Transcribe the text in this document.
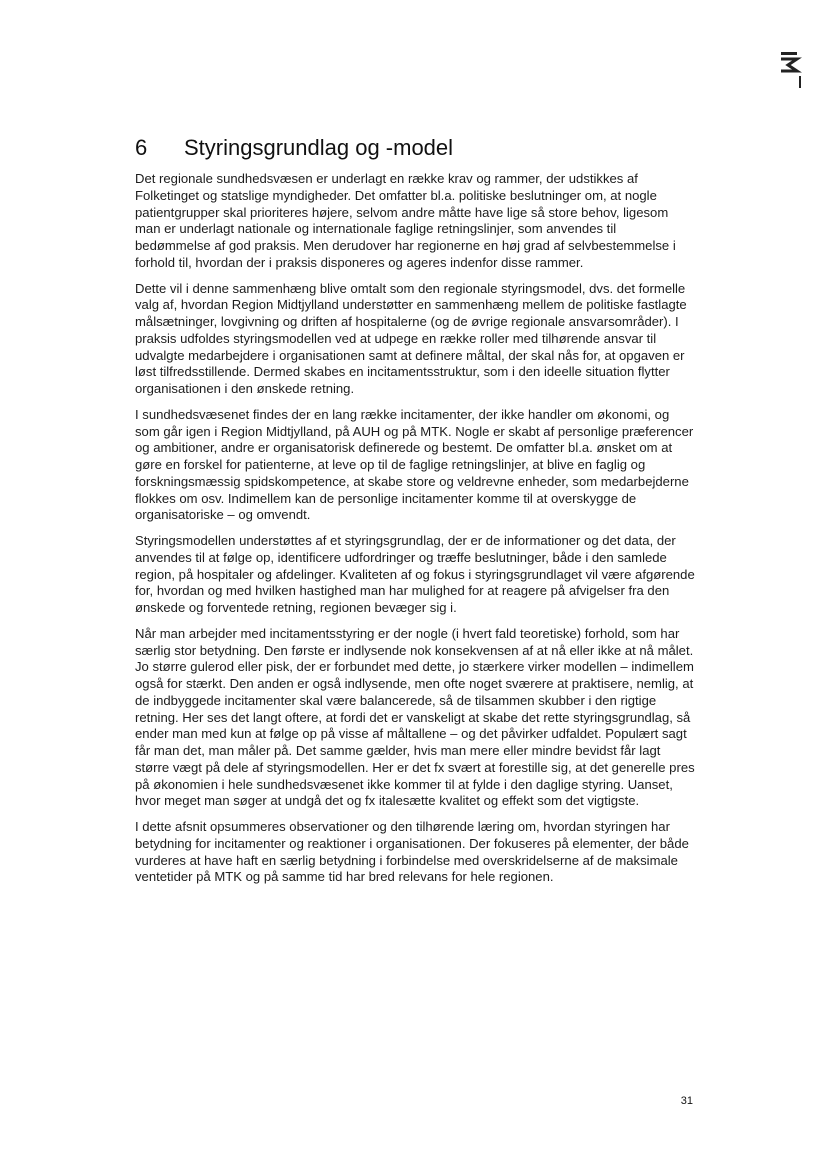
6	Styringsgrundlag og -model

Det regionale sundhedsvæsen er underlagt en række krav og rammer, der udstikkes af Folketinget og statslige myndigheder. Det omfatter bl.a. politiske beslutninger om, at nogle patientgrupper skal prioriteres højere, selvom andre måtte have lige så store behov, ligesom man er underlagt nationale og internationale faglige retningslinjer, som anvendes til bedømmelse af god praksis. Men derudover har regionerne en høj grad af selvbestemmelse i forhold til, hvordan der i praksis disponeres og ageres indenfor disse rammer.

Dette vil i denne sammenhæng blive omtalt som den regionale styringsmodel, dvs. det formelle valg af, hvordan Region Midtjylland understøtter en sammenhæng mellem de politiske fastlagte målsætninger, lovgivning og driften af hospitalerne (og de øvrige regionale ansvarsområder). I praksis udfoldes styringsmodellen ved at udpege en række roller med tilhørende ansvar til udvalgte medarbejdere i organisationen samt at definere måltal, der skal nås for, at opgaven er løst tilfredsstillende. Dermed skabes en incitamentsstruktur, som i den ideelle situation flytter organisationen i den ønskede retning.

I sundhedsvæsenet findes der en lang række incitamenter, der ikke handler om økonomi, og som går igen i Region Midtjylland, på AUH og på MTK. Nogle er skabt af personlige præferencer og ambitioner, andre er organisatorisk definerede og bestemt. De omfatter bl.a. ønsket om at gøre en forskel for patienterne, at leve op til de faglige retningslinjer, at blive en faglig og forskningsmæssig spidskompetence, at skabe store og veldrevne enheder, som medarbejderne flokkes om osv. Indimellem kan de personlige incitamenter komme til at overskygge de organisatoriske – og omvendt.

Styringsmodellen understøttes af et styringsgrundlag, der er de informationer og det data, der anvendes til at følge op, identificere udfordringer og træffe beslutninger, både i den samlede region, på hospitaler og afdelinger. Kvaliteten af og fokus i styringsgrundlaget vil være afgørende for, hvordan og med hvilken hastighed man har mulighed for at reagere på afvigelser fra den ønskede og forventede retning, regionen bevæger sig i.

Når man arbejder med incitamentsstyring er der nogle (i hvert fald teoretiske) forhold, som har særlig stor betydning. Den første er indlysende nok konsekvensen af at nå eller ikke at nå målet. Jo større gulerod eller pisk, der er forbundet med dette, jo stærkere virker modellen – indimellem også for stærkt. Den anden er også indlysende, men ofte noget sværere at praktisere, nemlig, at de indbyggede incitamenter skal være balancerede, så de tilsammen skubber i den rigtige retning. Her ses det langt oftere, at fordi det er vanskeligt at skabe det rette styringsgrundlag, så ender man med kun at følge op på visse af måltallene – og det påvirker udfaldet. Populært sagt får man det, man måler på. Det samme gælder, hvis man mere eller mindre bevidst får lagt større vægt på dele af styringsmodellen. Her er det fx svært at forestille sig, at det generelle pres på økonomien i hele sundhedsvæsenet ikke kommer til at fylde i den daglige styring. Uanset, hvor meget man søger at undgå det og fx italesætte kvalitet og effekt som det vigtigste.

I dette afsnit opsummeres observationer og den tilhørende læring om, hvordan styringen har betydning for incitamenter og reaktioner i organisationen. Der fokuseres på elementer, der både vurderes at have haft en særlig betydning i forbindelse med overskridelserne af de maksimale ventetider på MTK og på samme tid har bred relevans for hele regionen.

31
